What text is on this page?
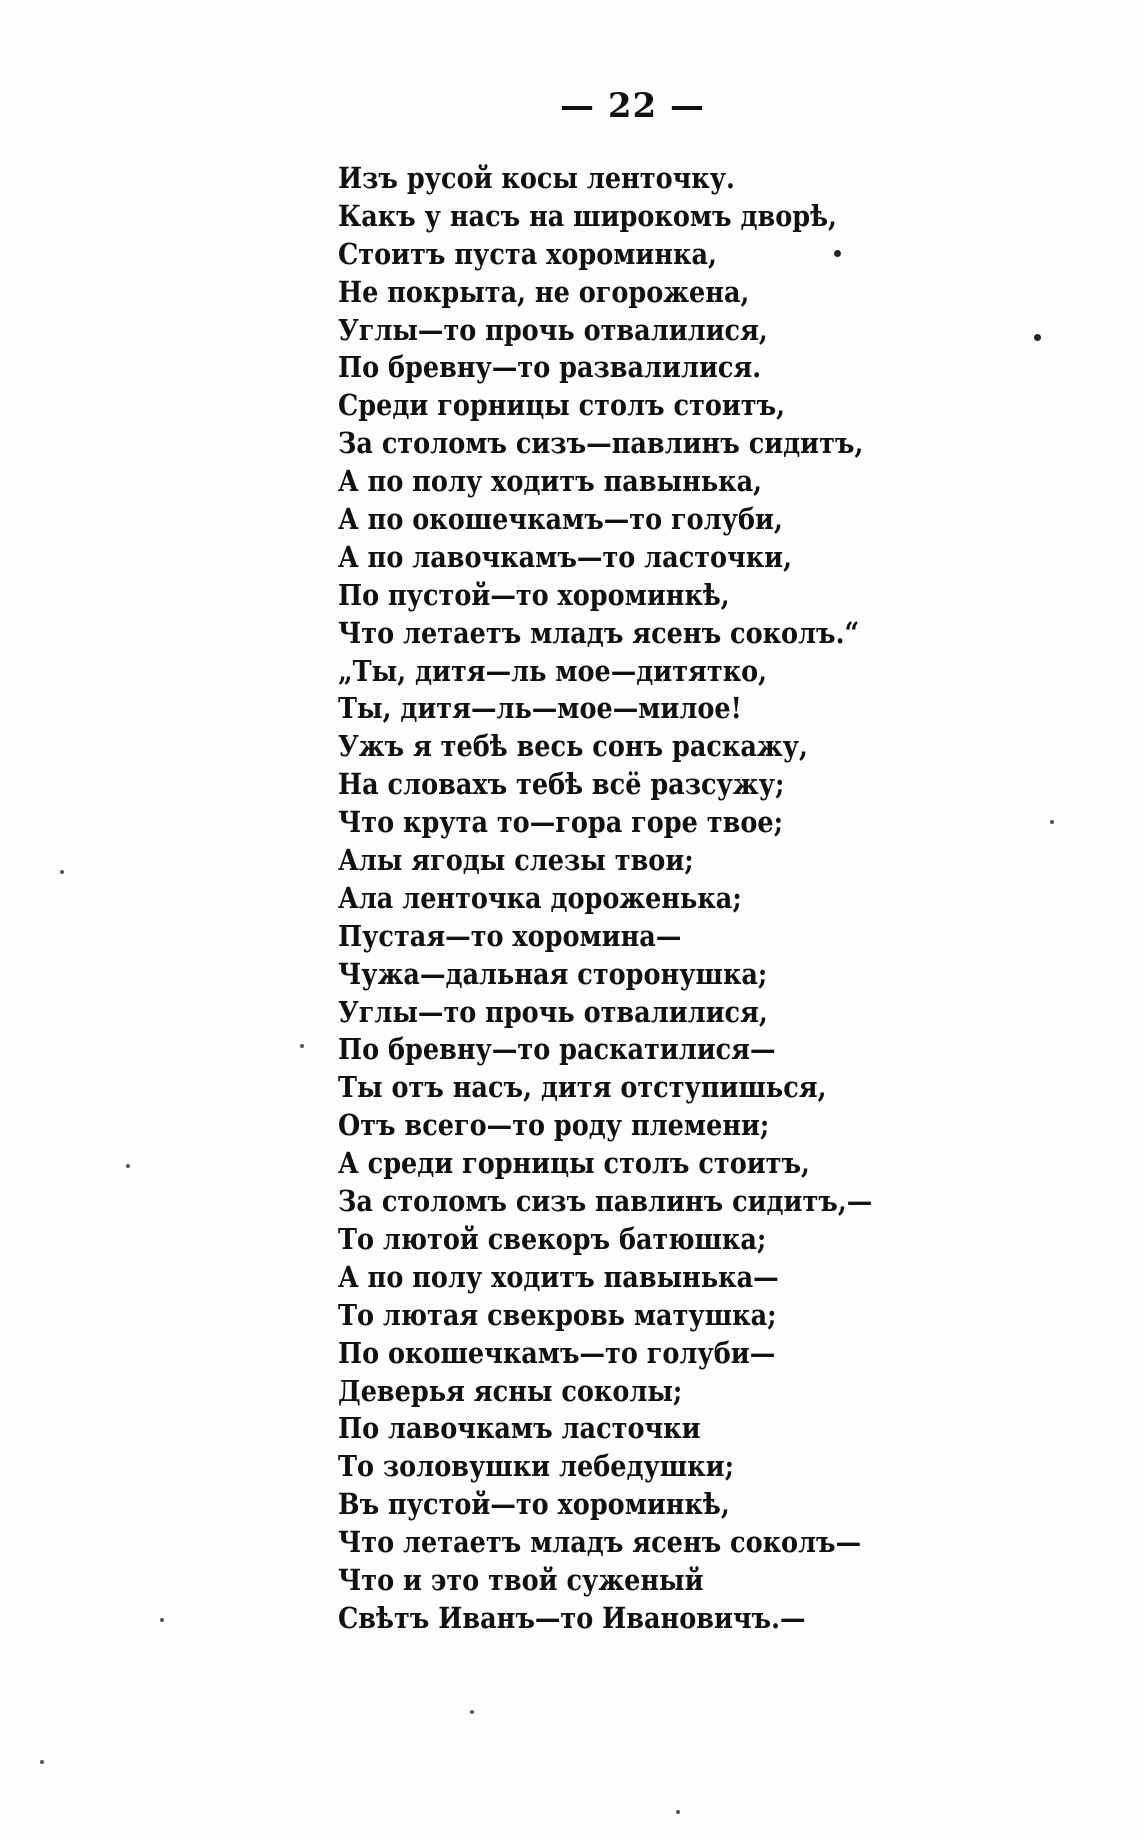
— 22 —
Изъ русой косы ленточку.
Какъ у насъ на широкомъ дворѣ,
Стоитъ пуста хороминка,
Не покрыта, не огорожена,
Углы—то прочь отвалилися,
По бревну—то развалилися.
Среди горницы столъ стоитъ,
За столомъ сизъ—павлинъ сидитъ,
А по полу ходитъ павынька,
А по окошечкамъ—то голуби,
А по лавочкамъ—то ласточки,
По пустой—то хороминкѣ,
Что летаетъ младъ ясенъ соколъ.“
„Ты, дитя—ль мое—дитятко,
Ты, дитя—ль—мое—милое!
Ужъ я тебѣ весь сонъ раскажу,
На словахъ тебѣ всё разсужу;
Что крута то—гора горе твое;
Алы ягоды слезы твои;
Ала ленточка дороженька;
Пустая—то хоромина—
Чужа—дальная сторонушка;
Углы—то прочь отвалилися,
По бревну—то раскатилися—
Ты отъ насъ, дитя отступишься,
Отъ всего—то роду племени;
А среди горницы столъ стоитъ,
За столомъ сизъ павлинъ сидитъ,—
То лютой свекоръ батюшка;
А по полу ходитъ павынька—
То лютая свекровь матушка;
По окошечкамъ—то голуби—
Деверья ясны соколы;
По лавочкамъ ласточки
То золовушки лебедушки;
Въ пустой—то хороминкѣ,
Что летаетъ младъ ясенъ соколъ—
Что и это твой суженый
Свѣтъ Иванъ—то Ивановичъ.—
